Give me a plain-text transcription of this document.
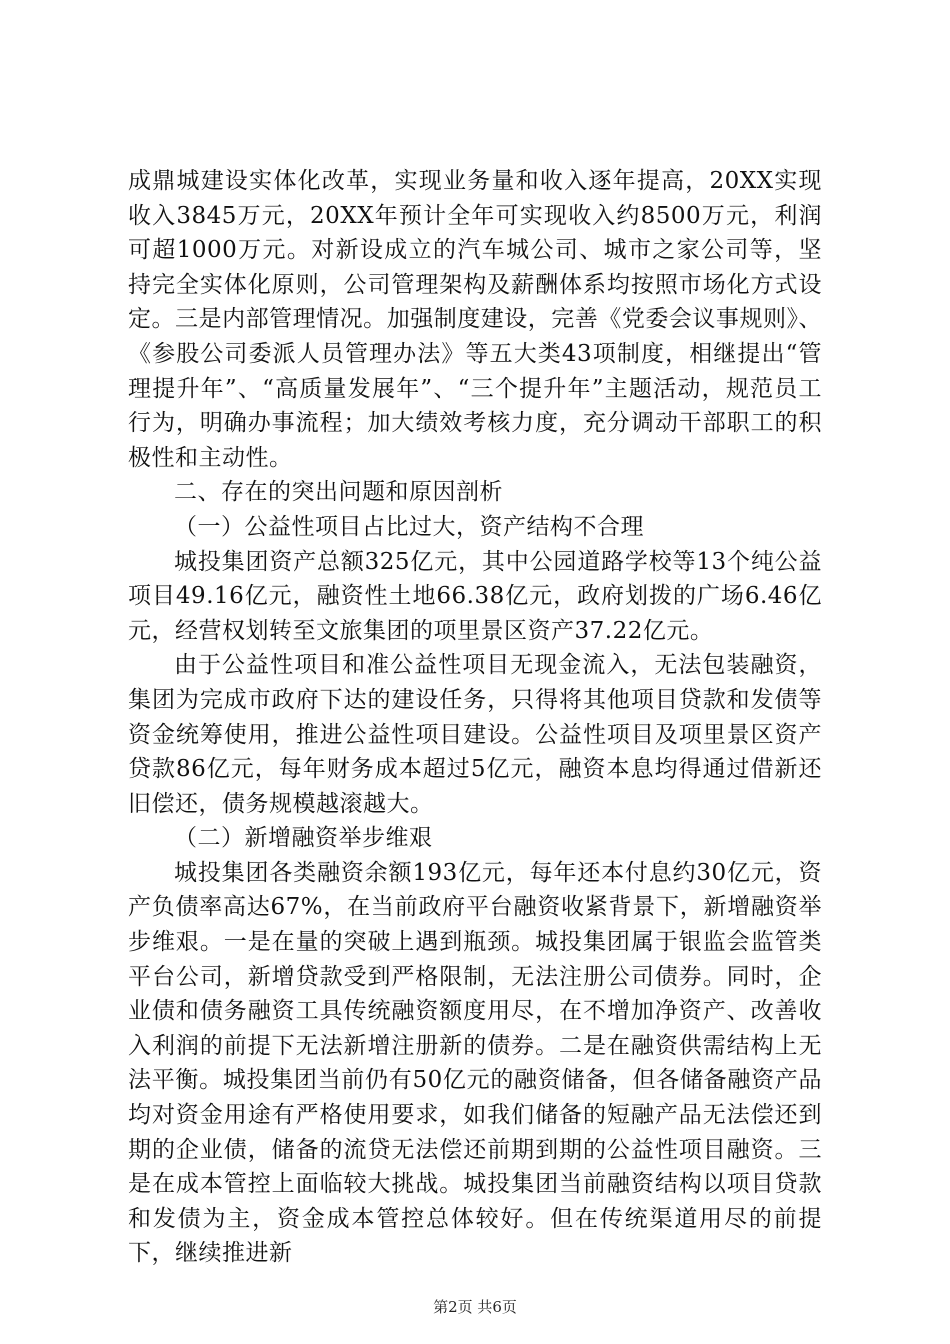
成鼎城建设实体化改革，实现业务量和收入逐年提高，20XX实现收入3845万元，20XX年预计全年可实现收入约8500万元，利润可超1000万元。对新设成立的汽车城公司、城市之家公司等，坚持完全实体化原则，公司管理架构及薪酬体系均按照市场化方式设定。三是内部管理情况。加强制度建设，完善《党委会议事规则》、《参股公司委派人员管理办法》等五大类43项制度，相继提出“管理提升年”、“高质量发展年”、“三个提升年”主题活动，规范员工行为，明确办事流程；加大绩效考核力度，充分调动干部职工的积极性和主动性。

二、存在的突出问题和原因剖析

（一）公益性项目占比过大，资产结构不合理

城投集团资产总额325亿元，其中公园道路学校等13个纯公益项目49.16亿元，融资性土地66.38亿元，政府划拨的广场6.46亿元，经营权划转至文旅集团的项里景区资产37.22亿元。

由于公益性项目和准公益性项目无现金流入，无法包装融资，集团为完成市政府下达的建设任务，只得将其他项目贷款和发债等资金统筹使用，推进公益性项目建设。公益性项目及项里景区资产贷款86亿元，每年财务成本超过5亿元，融资本息均得通过借新还旧偿还，债务规模越滚越大。

（二）新增融资举步维艰

城投集团各类融资余额193亿元，每年还本付息约30亿元，资产负债率高达67%，在当前政府平台融资收紧背景下，新增融资举步维艰。一是在量的突破上遇到瓶颈。城投集团属于银监会监管类平台公司，新增贷款受到严格限制，无法注册公司债券。同时，企业债和债务融资工具传统融资额度用尽，在不增加净资产、改善收入利润的前提下无法新增注册新的债券。二是在融资供需结构上无法平衡。城投集团当前仍有50亿元的融资储备，但各储备融资产品均对资金用途有严格使用要求，如我们储备的短融产品无法偿还到期的企业债，储备的流贷无法偿还前期到期的公益性项目融资。三是在成本管控上面临较大挑战。城投集团当前融资结构以项目贷款和发债为主，资金成本管控总体较好。但在传统渠道用尽的前提下，继续推进新

第2页 共6页
